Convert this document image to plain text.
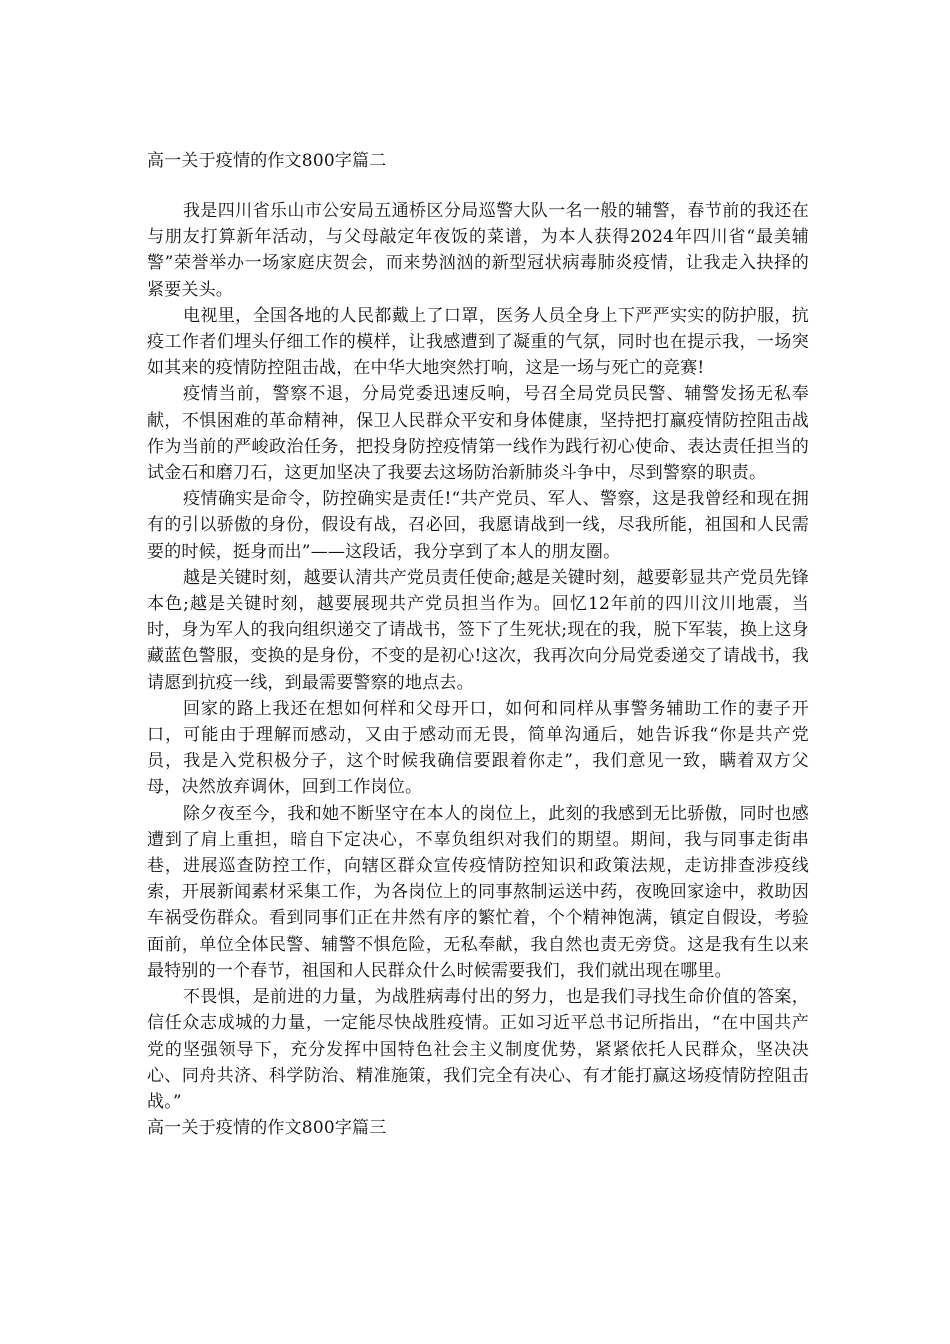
高一关于疫情的作文800字篇二

我是四川省乐山市公安局五通桥区分局巡警大队一名一般的辅警，春节前的我还在与朋友打算新年活动，与父母敲定年夜饭的菜谱，为本人获得2024年四川省“最美辅警”荣誉举办一场家庭庆贺会，而来势汹汹的新型冠状病毒肺炎疫情，让我走入抉择的紧要关头。

电视里，全国各地的人民都戴上了口罩，医务人员全身上下严严实实的防护服，抗疫工作者们埋头仔细工作的模样，让我感遭到了凝重的气氛，同时也在提示我，一场突如其来的疫情防控阻击战，在中华大地突然打响，这是一场与死亡的竞赛!

疫情当前，警察不退，分局党委迅速反响，号召全局党员民警、辅警发扬无私奉献，不惧困难的革命精神，保卫人民群众平安和身体健康，坚持把打赢疫情防控阻击战作为当前的严峻政治任务，把投身防控疫情第一线作为践行初心使命、表达责任担当的试金石和磨刀石，这更加坚决了我要去这场防治新肺炎斗争中，尽到警察的职责。

疫情确实是命令，防控确实是责任!“共产党员、军人、警察，这是我曾经和现在拥有的引以骄傲的身份，假设有战，召必回，我愿请战到一线，尽我所能，祖国和人民需要的时候，挺身而出”——这段话，我分享到了本人的朋友圈。

越是关键时刻，越要认清共产党员责任使命;越是关键时刻，越要彰显共产党员先锋本色;越是关键时刻，越要展现共产党员担当作为。回忆12年前的四川汶川地震，当时，身为军人的我向组织递交了请战书，签下了生死状;现在的我，脱下军装，换上这身藏蓝色警服，变换的是身份，不变的是初心!这次，我再次向分局党委递交了请战书，我请愿到抗疫一线，到最需要警察的地点去。

回家的路上我还在想如何样和父母开口，如何和同样从事警务辅助工作的妻子开口，可能由于理解而感动，又由于感动而无畏，简单沟通后，她告诉我“你是共产党员，我是入党积极分子，这个时候我确信要跟着你走”，我们意见一致，瞒着双方父母，决然放弃调休，回到工作岗位。

除夕夜至今，我和她不断坚守在本人的岗位上，此刻的我感到无比骄傲，同时也感遭到了肩上重担，暗自下定决心，不辜负组织对我们的期望。期间，我与同事走街串巷，进展巡查防控工作，向辖区群众宣传疫情防控知识和政策法规，走访排查涉疫线索，开展新闻素材采集工作，为各岗位上的同事熬制运送中药，夜晚回家途中，救助因车祸受伤群众。看到同事们正在井然有序的繁忙着，个个精神饱满，镇定自假设，考验面前，单位全体民警、辅警不惧危险，无私奉献，我自然也责无旁贷。这是我有生以来最特别的一个春节，祖国和人民群众什么时候需要我们，我们就出现在哪里。

不畏惧，是前进的力量，为战胜病毒付出的努力，也是我们寻找生命价值的答案，信任众志成城的力量，一定能尽快战胜疫情。正如习近平总书记所指出，“在中国共产党的坚强领导下，充分发挥中国特色社会主义制度优势，紧紧依托人民群众，坚决决心、同舟共济、科学防治、精准施策，我们完全有决心、有才能打赢这场疫情防控阻击战。”

高一关于疫情的作文800字篇三
